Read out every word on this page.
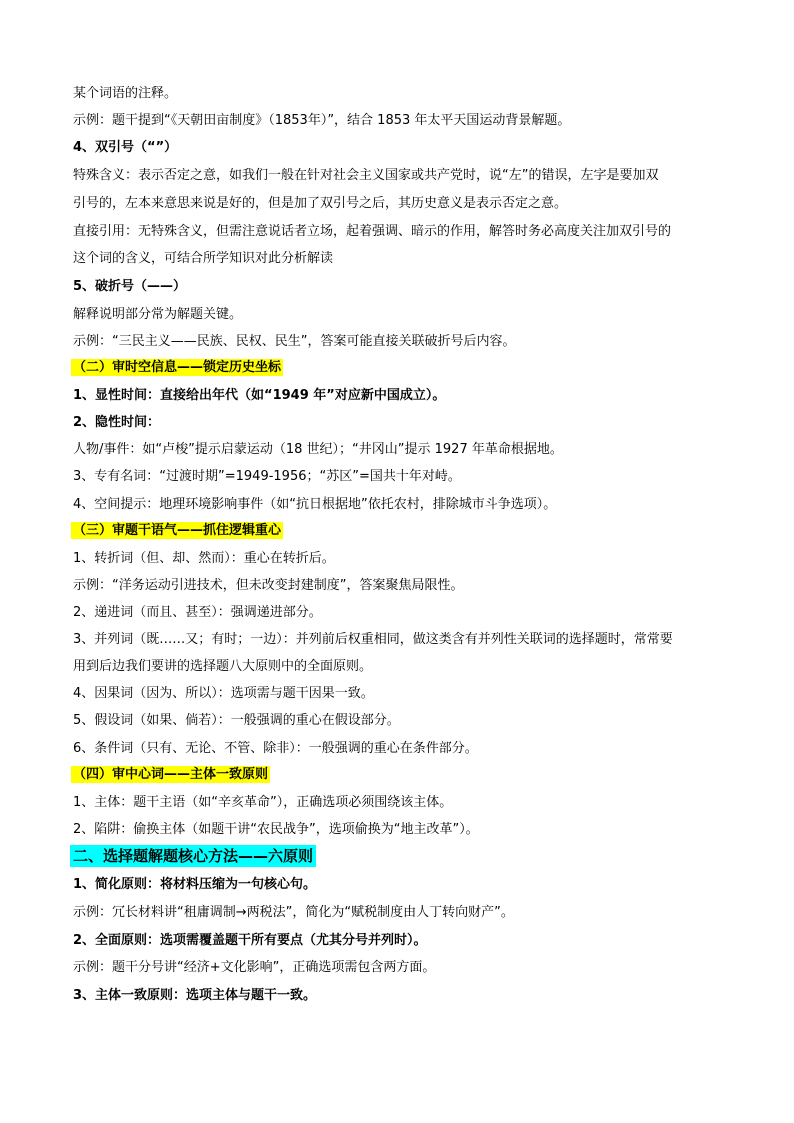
某个词语的注释。
示例：题干提到“《天朝田亩制度》（1853年）”，结合 1853 年太平天国运动背景解题。
4、双引号（“”）
特殊含义：表示否定之意，如我们一般在针对社会主义国家或共产党时，说“左”的错误，左字是要加双
引号的，左本来意思来说是好的，但是加了双引号之后，其历史意义是表示否定之意。
直接引用：无特殊含义，但需注意说话者立场，起着强调、暗示的作用，解答时务必高度关注加双引号的
这个词的含义，可结合所学知识对此分析解读
5、破折号（——）
解释说明部分常为解题关键。
示例：“三民主义——民族、民权、民生”，答案可能直接关联破折号后内容。
（二）审时空信息——锁定历史坐标
1、显性时间：直接给出年代（如“1949 年”对应新中国成立）。
2、隐性时间：
人物/事件：如“卢梭”提示启蒙运动（18 世纪）；“井冈山”提示 1927 年革命根据地。
3、专有名词：“过渡时期”=1949-1956；“苏区”=国共十年对峙。
4、空间提示：地理环境影响事件（如“抗日根据地”依托农村，排除城市斗争选项）。
（三）审题干语气——抓住逻辑重心
1、转折词（但、却、然而）：重心在转折后。
示例：“洋务运动引进技术，但未改变封建制度”，答案聚焦局限性。
2、递进词（而且、甚至）：强调递进部分。
3、并列词（既……又；有时；一边）：并列前后权重相同，做这类含有并列性关联词的选择题时，常常要
用到后边我们要讲的选择题八大原则中的全面原则。
4、因果词（因为、所以）：选项需与题干因果一致。
5、假设词（如果、倘若）：一般强调的重心在假设部分。
6、条件词（只有、无论、不管、除非）：一般强调的重心在条件部分。
（四）审中心词——主体一致原则
1、主体：题干主语（如“辛亥革命”），正确选项必须围绕该主体。
2、陷阱：偷换主体（如题干讲“农民战争”，选项偷换为“地主改革”）。
二、选择题解题核心方法——六原则
1、简化原则：将材料压缩为一句核心句。
示例：冗长材料讲“租庸调制→两税法”，简化为“赋税制度由人丁转向财产”。
2、全面原则：选项需覆盖题干所有要点（尤其分号并列时）。
示例：题干分号讲“经济+文化影响”，正确选项需包含两方面。
3、主体一致原则：选项主体与题干一致。
